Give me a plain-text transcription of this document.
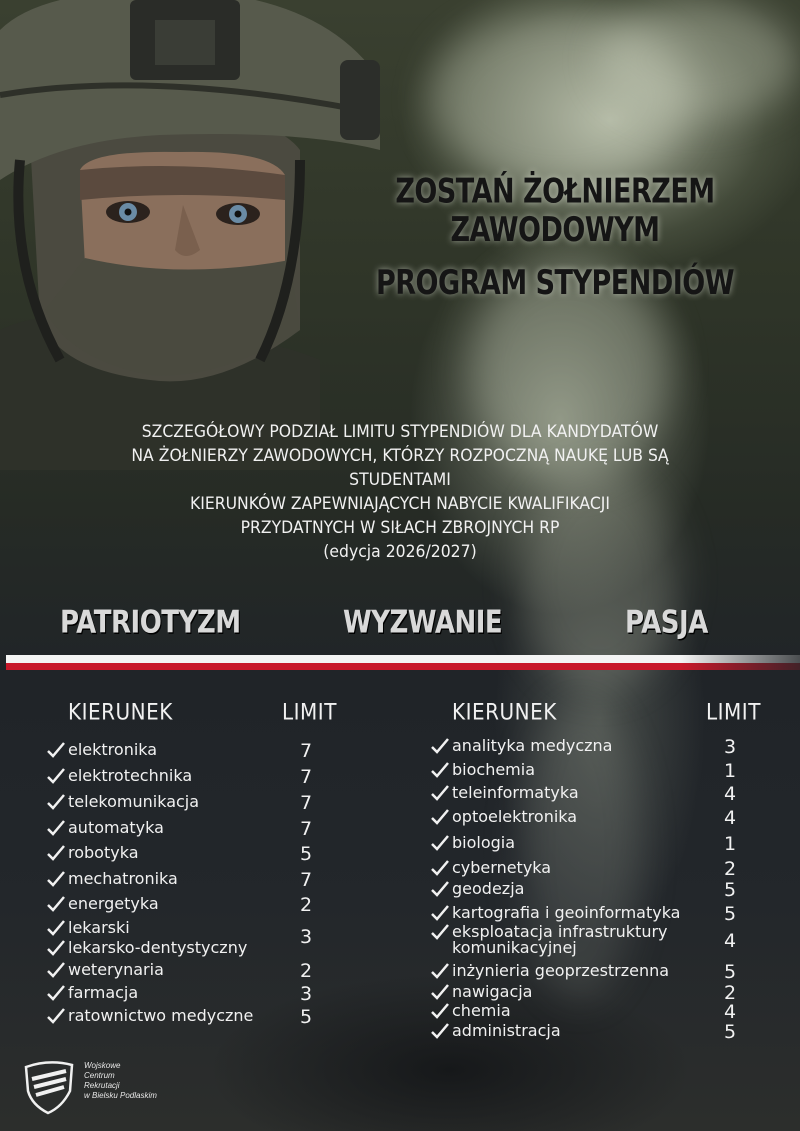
ZOSTAŃ ŻOŁNIERZEM ZAWODOWYM
PROGRAM STYPENDIÓW
SZCZEGÓŁOWY PODZIAŁ LIMITU STYPENDIÓW DLA KANDYDATÓW
NA ŻOŁNIERZY ZAWODOWYCH, KTÓRZY ROZPOCZNĄ NAUKĘ LUB SĄ STUDENTAMI
KIERUNKÓW ZAPEWNIAJĄCYCH NABYCIE KWALIFIKACJI
PRZYDATNYCH W SIŁACH ZBROJNYCH RP
(edycja 2026/2027)
PATRIOTYZM	WYZWANIE	PASJA
KIERUNEK	LIMIT
elektronika	7
elektrotechnika	7
telekomunikacja	7
automatyka	7
robotyka	5
mechatronika	7
energetyka	2
lekarski
lekarsko-dentystyczny	3
weterynaria	2
farmacja	3
ratownictwo medyczne 5
KIERUNEK	LIMIT
analityka medyczna	3
biochemia	1
teleinformatyka	4
optoelektronika	4
biologia	1
cybernetyka	2
geodezja	5
kartografia i geoinformatyka 5
eksploatacja infrastruktury
komunikacyjnej	4
inżynieria geoprzestrzenna	5
nawigacja	2
chemia	4
administracja	5
Wojskowe
Centrum
Rekrutacji
w Bielsku Podlaskim
